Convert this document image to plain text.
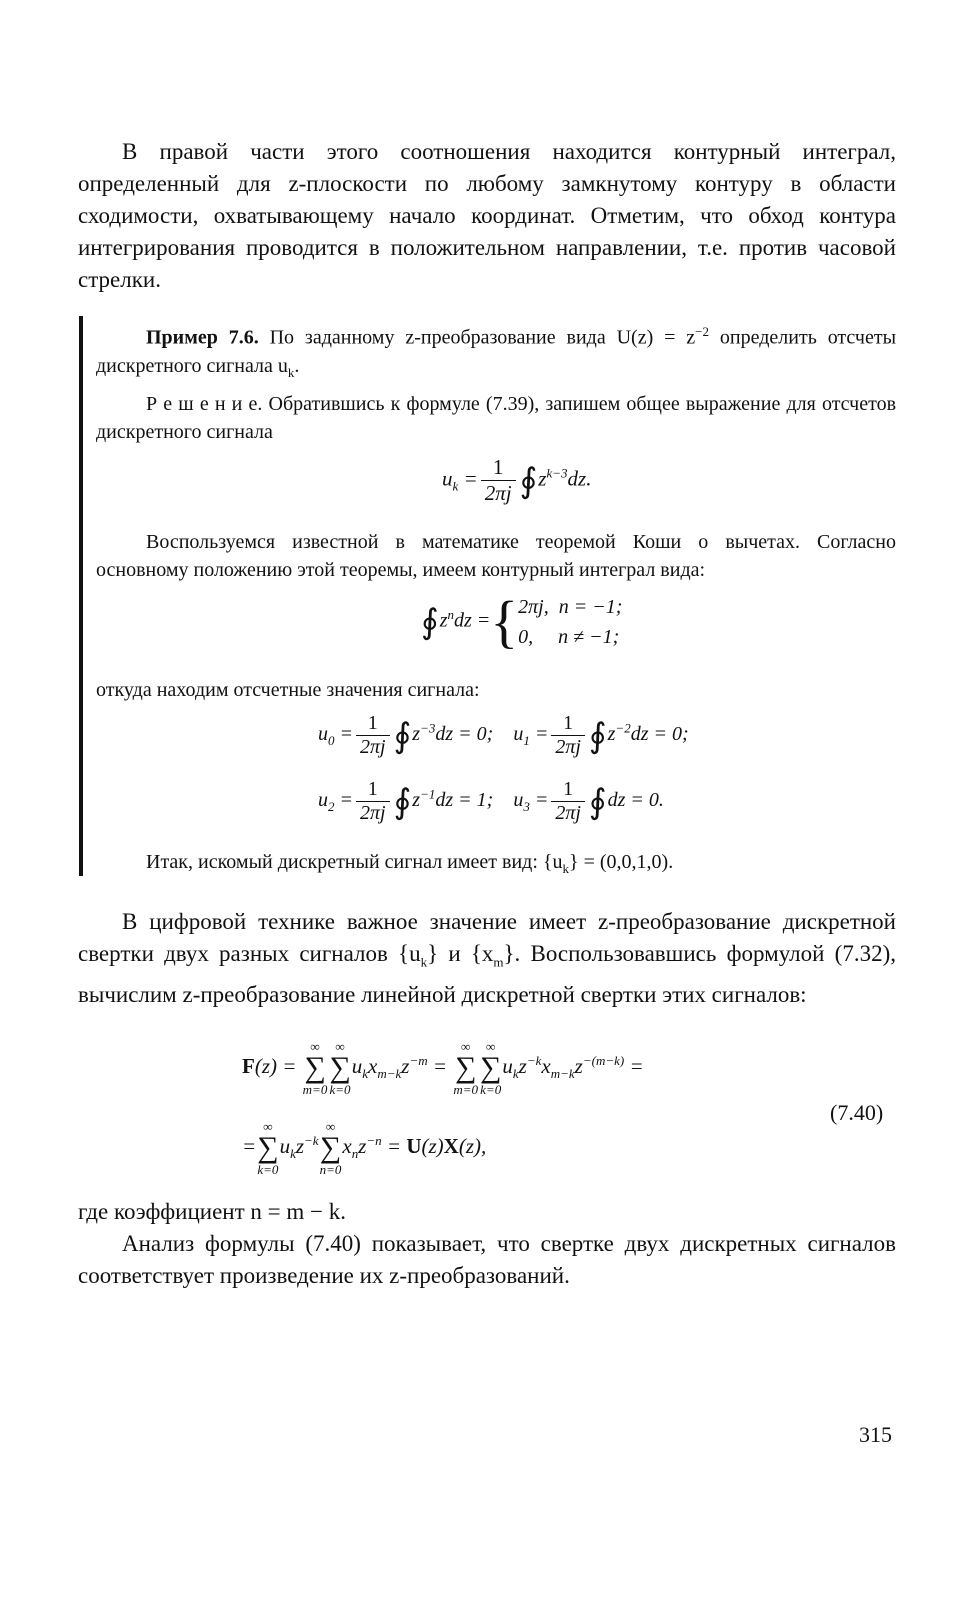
В правой части этого соотношения находится контурный интеграл, определенный для z-плоскости по любому замкнутому контуру в области сходимости, охватывающему начало координат. Отметим, что обход контура интегрирования проводится в положительном направлении, т.е. против часовой стрелки.
Пример 7.6. По заданному z-преобразование вида $U(z) = z^{-2}$ определить отсчеты дискретного сигнала $u_k$.
Р е ш е н и е. Обратившись к формуле (7.39), запишем общее выражение для отсчетов дискретного сигнала
$u_k = \frac{1}{2\pi j}$ $∮z^{k-3}dz$.
Воспользуемся известной в математике теоремой Коши о вычетах. Согласно основному положению этой теоремы, имеем контурный интеграл вида:
$∮z^ndz$ ={ 2πj,  n = −1;
0,     n ≠ −1;
откуда находим отсчетные значения сигнала:
$u_0 = \frac{1}{2\pi j}$ $∮z^{-3}dz = 0$;    $u_1 = \frac{1}{2\pi j}$ $∮z^{-2}dz = 0$;
$u_2 = \frac{1}{2\pi j}$ $∮z^{-1}dz = 1$;    $u_3 = \frac{1}{2\pi j}$ ∮dz = 0.
Итак, искомый дискретный сигнал имеет вид: $\{u_k\} = (0,0,1,0)$.
В цифровой технике важное значение имеет z-преобразование дискретной свертки двух разных сигналов $\{u_k\}$ и $\{x_m\}$. Воспользовавшись формулой (7.32), вычислим z-преобразование линейной дискретной свертки этих сигналов:
F(z) =
∞
∑
m=0
∞
∑
k=0
$u_kx_{m-k}z^{-m}$ =
∞
∑
m=0
∞
∑
k=0
$u_kz^{-k}x_{m-k}z^{-(m-k)}$ =
=
∞
∑
k=0
$u_kz^{-k}$
∞
∑
n=0
$x_nz^{-n} = U(z)X(z)$,
(7.40)
где коэффициент n = m − k.
Анализ формулы (7.40) показывает, что свертке двух дискретных сигналов соответствует произведение их z-преобразований.
315
